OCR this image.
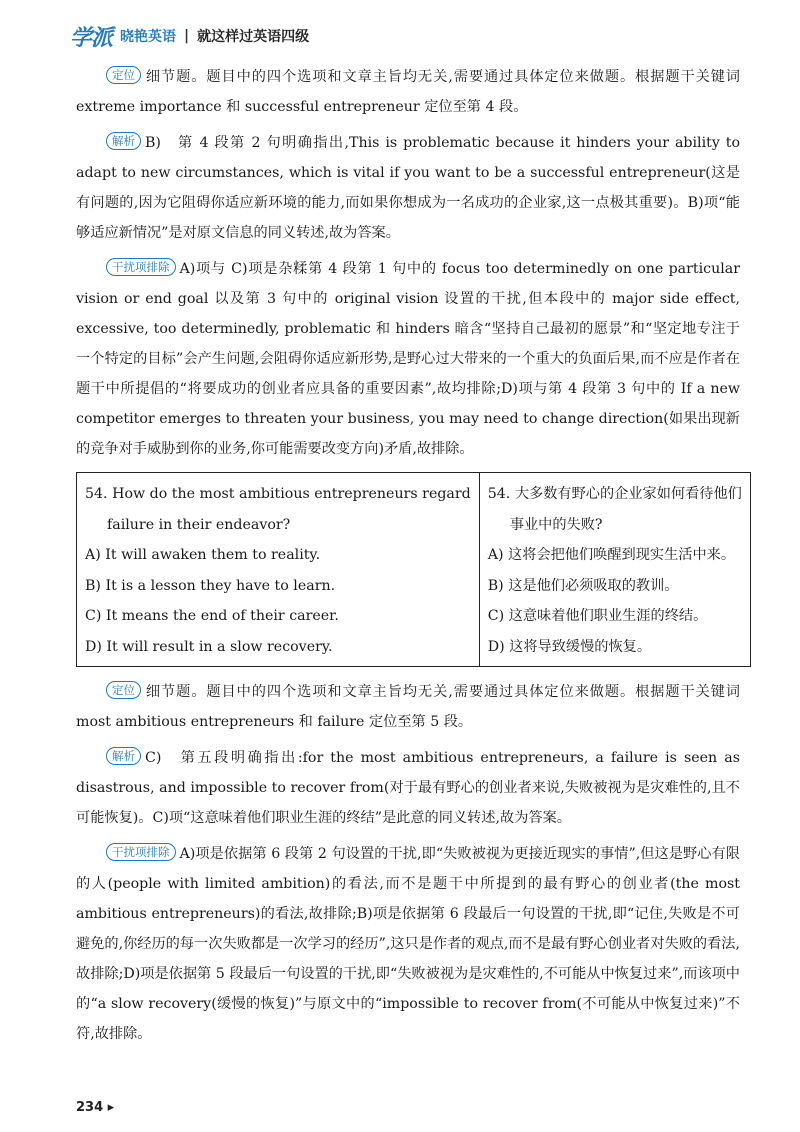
学派 晓艳英语 | 就这样过英语四级

定位 细节题。题目中的四个选项和文章主旨均无关,需要通过具体定位来做题。根据题干关键词 extreme importance 和 successful entrepreneur 定位至第 4 段。

解析 B)　第 4 段第 2 句明确指出,This is problematic because it hinders your ability to adapt to new circumstances, which is vital if you want to be a successful entrepreneur(这是有问题的,因为它阻碍你适应新环境的能力,而如果你想成为一名成功的企业家,这一点极其重要)。B)项“能够适应新情况”是对原文信息的同义转述,故为答案。

干扰项排除 A)项与 C)项是杂糅第 4 段第 1 句中的 focus too determinedly on one particular vision or end goal 以及第 3 句中的 original vision 设置的干扰,但本段中的 major side effect, excessive, too determinedly, problematic 和 hinders 暗含“坚持自己最初的愿景”和“坚定地专注于一个特定的目标”会产生问题,会阻碍你适应新形势,是野心过大带来的一个重大的负面后果,而不应是作者在题干中所提倡的“将要成功的创业者应具备的重要因素”,故均排除;D)项与第 4 段第 3 句中的 If a new competitor emerges to threaten your business, you may need to change direction(如果出现新的竞争对手威胁到你的业务,你可能需要改变方向)矛盾,故排除。

54. How do the most ambitious entrepreneurs regard
failure in their endeavor?
A) It will awaken them to reality.
B) It is a lesson they have to learn.
C) It means the end of their career.
D) It will result in a slow recovery.

54. 大多数有野心的企业家如何看待他们
事业中的失败?
A) 这将会把他们唤醒到现实生活中来。
B) 这是他们必须吸取的教训。
C) 这意味着他们职业生涯的终结。
D) 这将导致缓慢的恢复。

定位 细节题。题目中的四个选项和文章主旨均无关,需要通过具体定位来做题。根据题干关键词 most ambitious entrepreneurs 和 failure 定位至第 5 段。

解析 C)　第五段明确指出:for the most ambitious entrepreneurs, a failure is seen as disastrous, and impossible to recover from(对于最有野心的创业者来说,失败被视为是灾难性的,且不可能恢复)。C)项“这意味着他们职业生涯的终结”是此意的同义转述,故为答案。

干扰项排除 A)项是依据第 6 段第 2 句设置的干扰,即“失败被视为更接近现实的事情”,但这是野心有限的人(people with limited ambition)的看法,而不是题干中所提到的最有野心的创业者(the most ambitious entrepreneurs)的看法,故排除;B)项是依据第 6 段最后一句设置的干扰,即“记住,失败是不可避免的,你经历的每一次失败都是一次学习的经历”,这只是作者的观点,而不是最有野心创业者对失败的看法,故排除;D)项是依据第 5 段最后一句设置的干扰,即“失败被视为是灾难性的,不可能从中恢复过来”,而该项中的“a slow recovery(缓慢的恢复)”与原文中的“impossible to recover from(不可能从中恢复过来)”不符,故排除。

234 ▸
